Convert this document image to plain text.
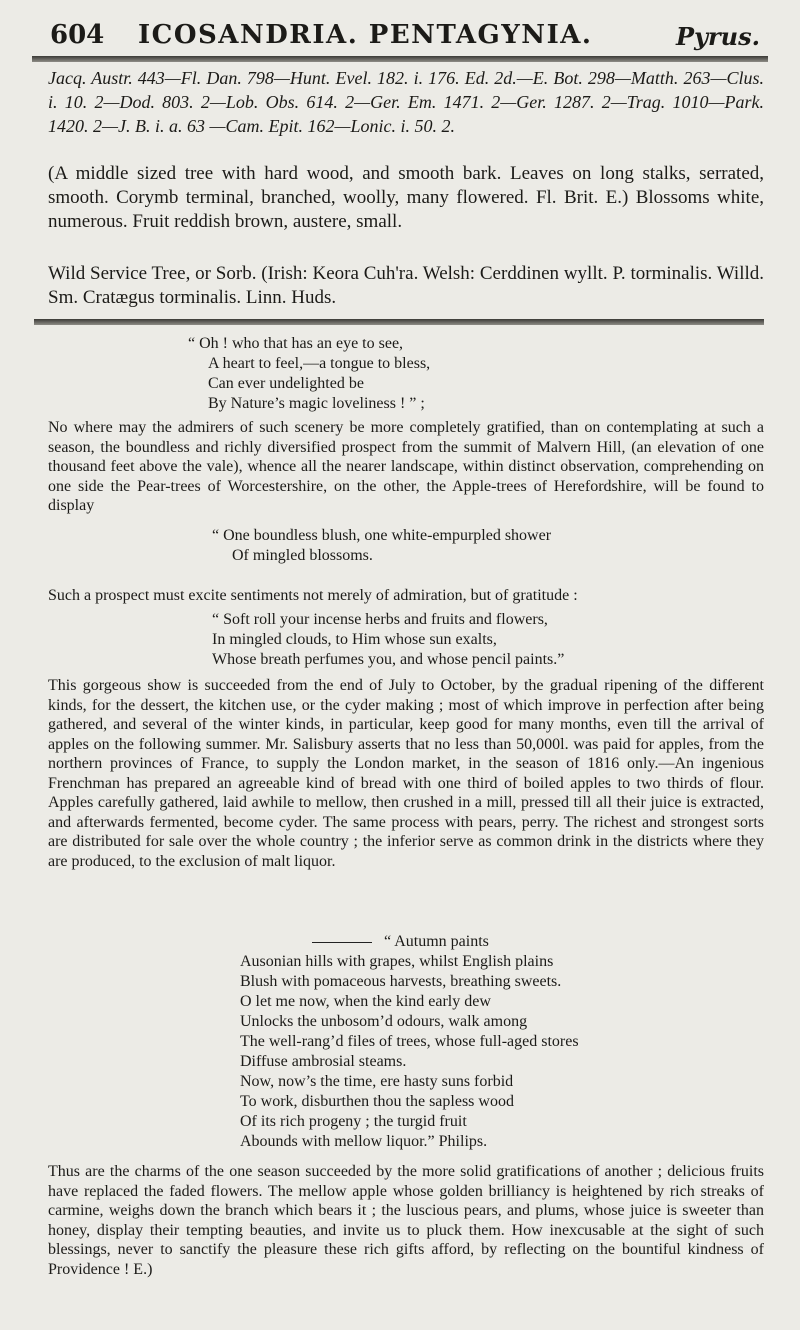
604 ICOSANDRIA. PENTAGYNIA.	Pyrus.

Jacq. Austr. 443—Fl. Dan. 798—Hunt. Evel. 182. i. 176. Ed. 2d.—E. Bot. 298—Matth. 263—Clus. i. 10. 2—Dod. 803. 2—Lob. Obs. 614. 2—Ger. Em. 1471. 2—Ger. 1287. 2—Trag. 1010—Park. 1420. 2—J. B. i. a. 63 —Cam. Epit. 162—Lonic. i. 50. 2.

(A middle sized tree with hard wood, and smooth bark. Leaves on long stalks, serrated, smooth. Corymb terminal, branched, woolly, many flowered. Fl. Brit. E.) Blossoms white, numerous. Fruit reddish brown, austere, small.

Wild Service Tree, or Sorb. (Irish: Keora Cuh'ra. Welsh: Cerddinen wyllt. P. torminalis. Willd. Sm. Cratægus torminalis. Linn. Huds.

“ Oh ! who that has an eye to see,
A heart to feel,—a tongue to bless,
Can ever undelighted be
By Nature’s magic loveliness ! ” ;

No where may the admirers of such scenery be more completely gratified, than on contemplating at such a season, the boundless and richly diversified prospect from the summit of Malvern Hill, (an elevation of one thousand feet above the vale), whence all the nearer landscape, within distinct observation, comprehending on one side the Pear-trees of Worcestershire, on the other, the Apple-trees of Herefordshire, will be found to display

“ One boundless blush, one white-empurpled shower
Of mingled blossoms.

Such a prospect must excite sentiments not merely of admiration, but of gratitude :

“ Soft roll your incense herbs and fruits and flowers,
In mingled clouds, to Him whose sun exalts,
Whose breath perfumes you, and whose pencil paints.”

This gorgeous show is succeeded from the end of July to October, by the gradual ripening of the different kinds, for the dessert, the kitchen use, or the cyder making ; most of which improve in perfection after being gathered, and several of the winter kinds, in particular, keep good for many months, even till the arrival of apples on the following summer. Mr. Salisbury asserts that no less than 50,000l. was paid for apples, from the northern provinces of France, to supply the London market, in the season of 1816 only.—An ingenious Frenchman has prepared an agreeable kind of bread with one third of boiled apples to two thirds of flour. Apples carefully gathered, laid awhile to mellow, then crushed in a mill, pressed till all their juice is extracted, and afterwards fermented, become cyder. The same process with pears, perry. The richest and strongest sorts are distributed for sale over the whole country ; the inferior serve as common drink in the districts where they are produced, to the exclusion of malt liquor.

“ Autumn paints
Ausonian hills with grapes, whilst English plains
Blush with pomaceous harvests, breathing sweets.
O let me now, when the kind early dew
Unlocks the unbosom’d odours, walk among
The well-rang’d files of trees, whose full-aged stores
Diffuse ambrosial steams.
Now, now’s the time, ere hasty suns forbid
To work, disburthen thou the sapless wood
Of its rich progeny ; the turgid fruit
Abounds with mellow liquor.” Philips.

Thus are the charms of the one season succeeded by the more solid gratifications of another ; delicious fruits have replaced the faded flowers. The mellow apple whose golden brilliancy is heightened by rich streaks of carmine, weighs down the branch which bears it ; the luscious pears, and plums, whose juice is sweeter than honey, display their tempting beauties, and invite us to pluck them. How inexcusable at the sight of such blessings, never to sanctify the pleasure these rich gifts afford, by reflecting on the bountiful kindness of Providence ! E.)
